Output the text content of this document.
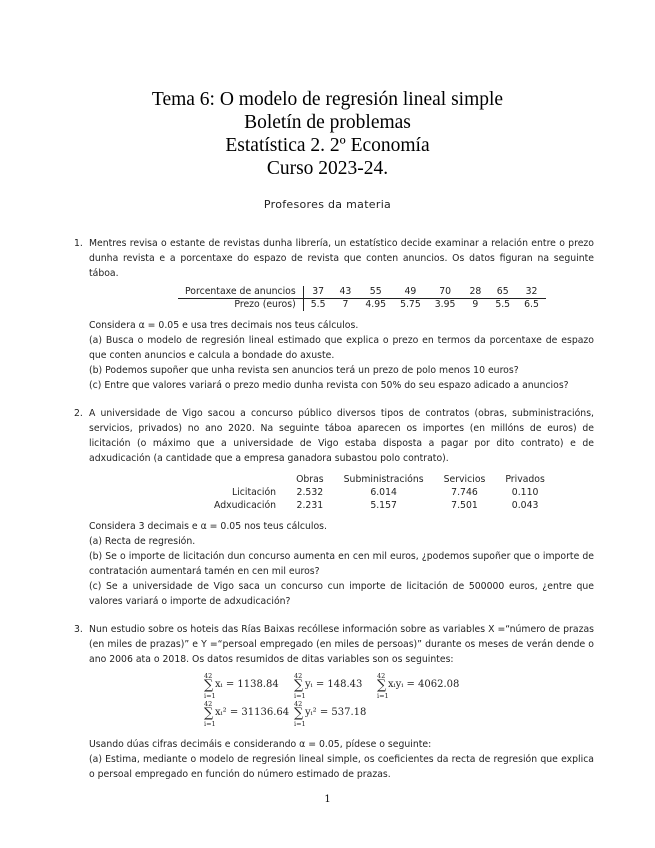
Tema 6: O modelo de regresión lineal simple
Boletín de problemas
Estatística 2. 2º Economía
Curso 2023-24.
Profesores da materia
1. Mentres revisa o estante de revistas dunha librería, un estatístico decide examinar a relación entre o prezo dunha revista e a porcentaxe do espazo de revista que conten anuncios. Os datos figuran na seguinte táboa.

Porcentaxe de anuncios		37	43	55	49	70	28	65	32
Prezo (euros)		5.5	7	4.95	5.75	3.95	9	5.5	6.5

Considera α = 0.05 e usa tres decimais nos teus cálculos.

(a) Busca o modelo de regresión lineal estimado que explica o prezo en termos da porcentaxe de espazo que conten anuncios e calcula a bondade do axuste.

(b) Podemos supoñer que unha revista sen anuncios terá un prezo de polo menos 10 euros?

(c) Entre que valores variará o prezo medio dunha revista con 50% do seu espazo adicado a anuncios?

2. A universidade de Vigo sacou a concurso público diversos tipos de contratos (obras, subministracións, servicios, privados) no ano 2020. Na seguinte táboa aparecen os importes (en millóns de euros) de licitación (o máximo que a universidade de Vigo estaba disposta a pagar por dito contrato) e de adxudicación (a cantidade que a empresa ganadora subastou polo contrato).

	Obras	Subministracións	Servicios	Privados
Licitación	2.532	6.014	7.746	0.110
Adxudicación	2.231	5.157	7.501	0.043

Considera 3 decimais e α = 0.05 nos teus cálculos.

(a) Recta de regresión.

(b) Se o importe de licitación dun concurso aumenta en cen mil euros, ¿podemos supoñer que o importe de contratación aumentará tamén en cen mil euros?

(c) Se a universidade de Vigo saca un concurso cun importe de licitación de 500000 euros, ¿entre que valores variará o importe de adxudicación?

3. Nun estudio sobre os hoteis das Rías Baixas recóllese información sobre as variables X =“número de prazas (en miles de prazas)” e Y =“persoal empregado (en miles de persoas)” durante os meses de verán dende o ano 2006 ata o 2018. Os datos resumidos de ditas variables son os seguintes:

42
∑
i=1
xᵢ = 1138.84
42
∑
i=1
yᵢ = 148.43
42
∑
i=1
xᵢyᵢ = 4062.08
42
∑
i=1
xᵢ² = 31136.64
42
∑
i=1
yᵢ² = 537.18

Usando dúas cifras decimáis e considerando α = 0.05, pídese o seguinte:

(a) Estima, mediante o modelo de regresión lineal simple, os coeficientes da recta de regresión que explica o persoal empregado en función do número estimado de prazas.

1
